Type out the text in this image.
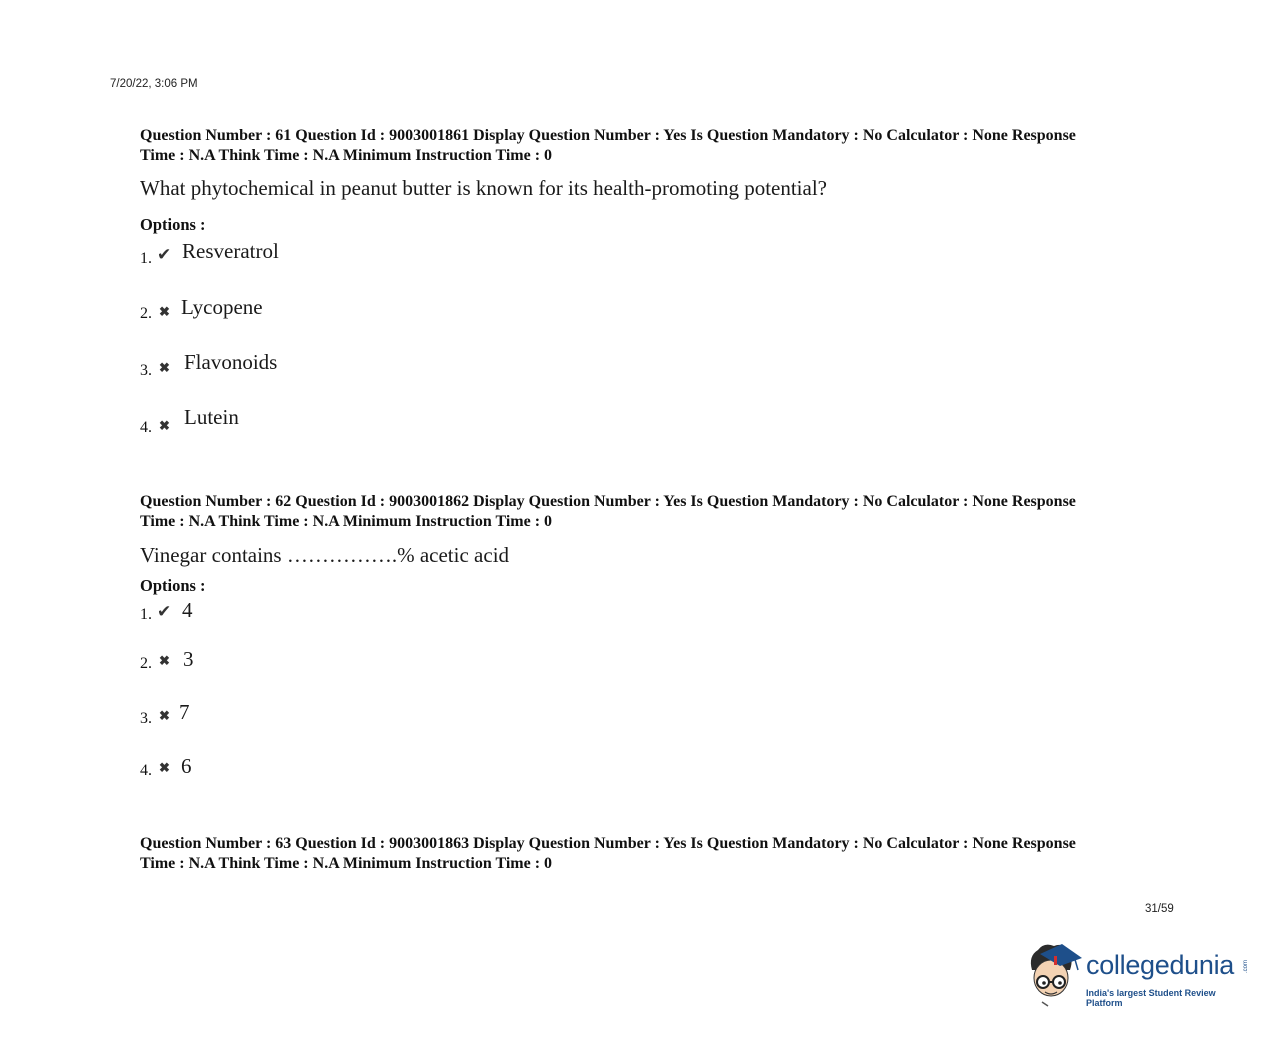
7/20/22, 3:06 PM
Question Number : 61 Question Id : 9003001861 Display Question Number : Yes Is Question Mandatory : No Calculator : None Response
Time : N.A Think Time : N.A Minimum Instruction Time : 0
What phytochemical in peanut butter is known for its health-promoting potential?
Options :
1. ✔ Resveratrol
2. ✖ Lycopene
3. ✖ Flavonoids
4. ✖ Lutein
Question Number : 62 Question Id : 9003001862 Display Question Number : Yes Is Question Mandatory : No Calculator : None Response
Time : N.A Think Time : N.A Minimum Instruction Time : 0
Vinegar contains …………….% acetic acid
Options :
1. ✔ 4
2. ✖ 3
3. ✖ 7
4. ✖ 6
Question Number : 63 Question Id : 9003001863 Display Question Number : Yes Is Question Mandatory : No Calculator : None Response
Time : N.A Think Time : N.A Minimum Instruction Time : 0
31/59
collegedunia .com
India's largest Student Review Platform
